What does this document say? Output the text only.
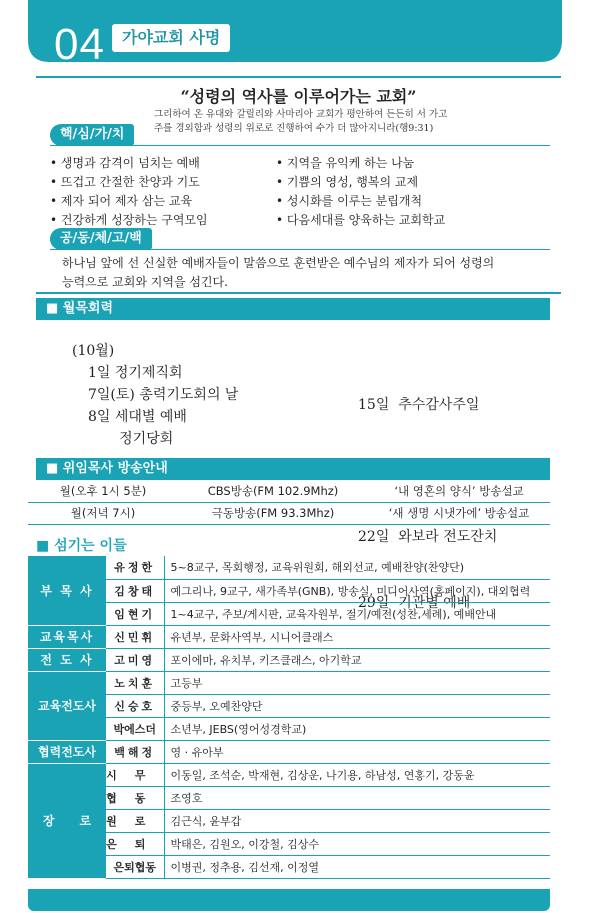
04	가야교회 사명
“성령의 역사를 이루어가는 교회”
그리하여 온 유대와 갈릴리와 사마리아 교회가 평안하여 든든히 서 가고
주를 경외함과 성령의 위로로 진행하여 수가 더 많아지니라(행9:31)
핵/심/가/치
• 생명과 감격이 넘치는 예배
• 뜨겁고 간절한 찬양과 기도
• 제자 되어 제자 삼는 교육
• 건강하게 성장하는 구역모임
• 지역을 유익케 하는 나눔
• 기쁨의 영성, 행복의 교제
• 성시화를 이루는 분립개척
• 다음세대를 양육하는 교회학교
공/동/체/고/백
하나님 앞에 선 신실한 예배자들이 말씀으로 훈련받은 예수님의 제자가 되어 성령의
능력으로 교회와 지역을 섬긴다.
■ 월목회력
(10월)
1일 정기제직회
7일(토) 총력기도회의 날
8일 세대별 예배
정기당회

15일  추수감사주일

22일  와보라 전도잔치

29일  기관별 예배

■ 위임목사 방송안내
월(오후 1시 5분)	CBS방송(FM 102.9Mhz)	‘내 영혼의 양식’ 방송설교
월(저녁 7시)	극동방송(FM 93.3Mhz)	‘새 생명 시냇가에’ 방송설교
■ 섬기는 이들
부 목 사	유정한	5~8교구, 목회행정, 교육위원회, 해외선교, 예배찬양(찬양단)
	김창태	예그리나, 9교구, 새가족부(GNB), 방송실, 미디어사역(홈페이지), 대외협력
	임현기	1~4교구, 주보/게시판, 교육자원부, 절기/예전(성찬,세례), 예배안내
교육목사	신민휘	유년부, 문화사역부, 시니어클래스
전 도 사	고미영	포이에마, 유치부, 키즈클래스, 아기학교
교육전도사	노치훈	고등부
	신승호	중등부, 오예찬양단
	박에스더	소년부, JEBS(영어성경학교)
협력전도사	백해정	영 · 유아부
장      로	시무	이동일, 조석순, 박재현, 김상운, 나기용, 하남성, 연홍기, 강동윤
	협동	조영호
	원로	김근식, 윤부갑
	은퇴	박태은, 김원오, 이강철, 김상수
	은퇴협동	이병권, 정추용, 김선재, 이정열
